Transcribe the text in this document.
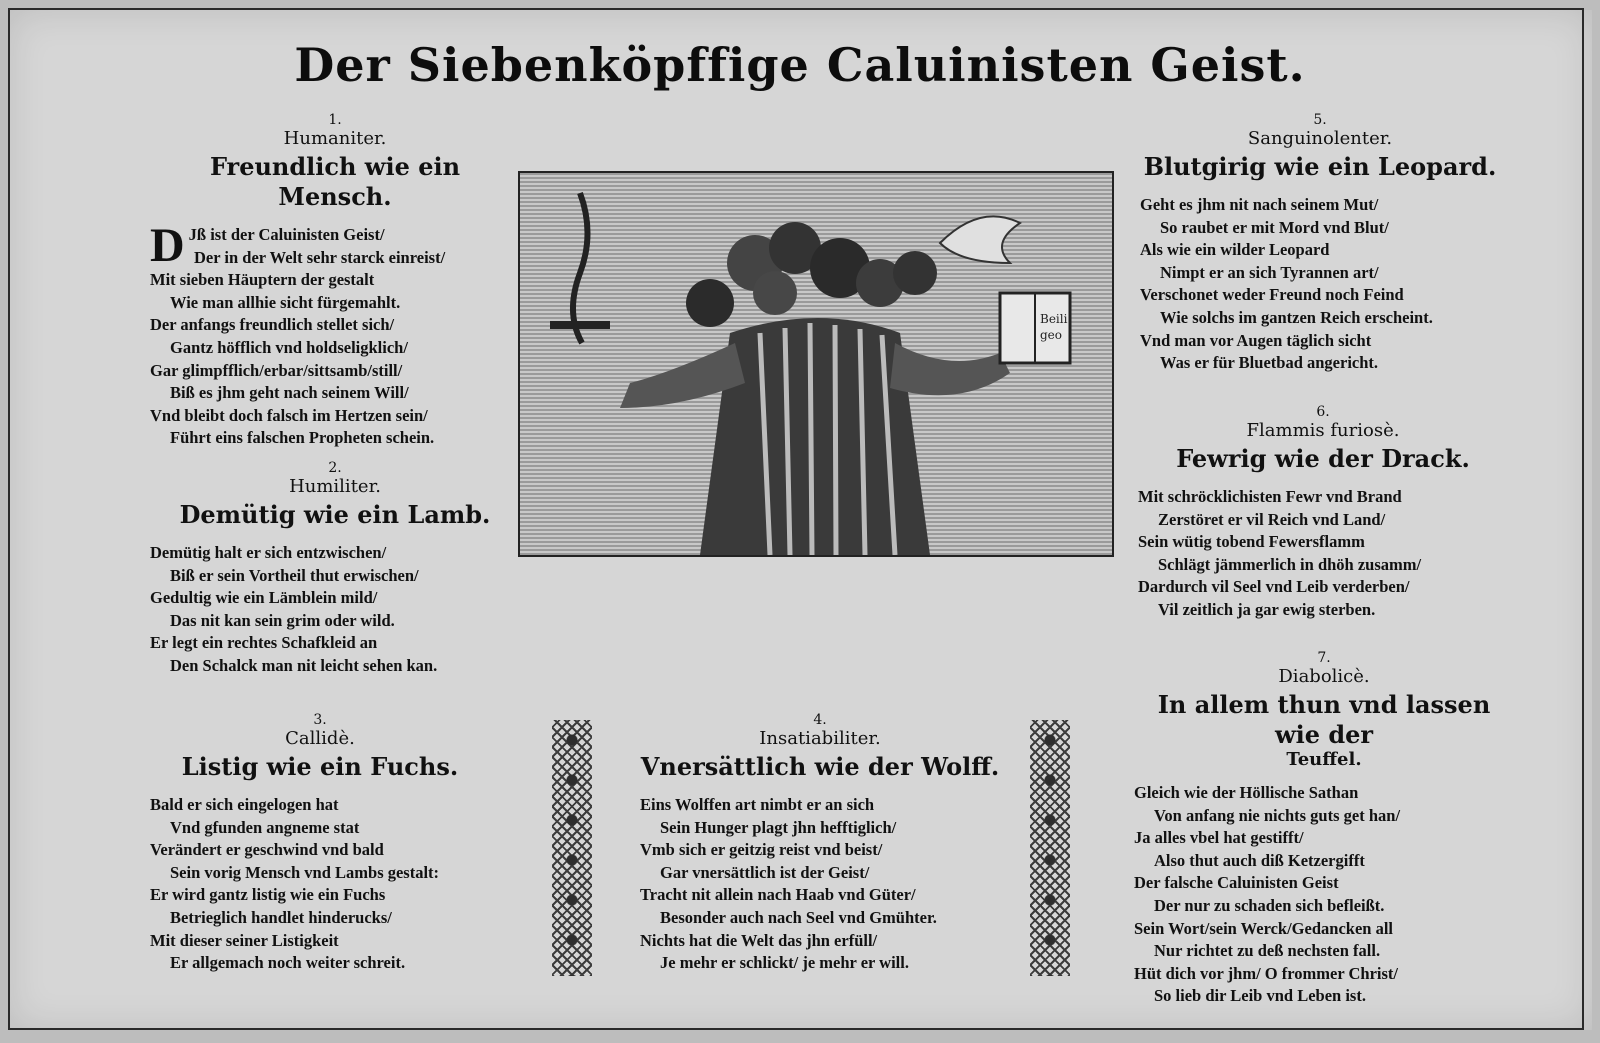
Der Siebenköpffige Caluinisten Geist.
1.
Humaniter.
Freundlich wie ein Mensch.
D Jß ist der Caluinisten Geist/
Der in der Welt sehr starck einreist/
Mit sieben Häuptern der gestalt
Wie man allhie sicht fürgemahlt.
Der anfangs freundlich stellet sich/
Gantz höfflich vnd holdseligklich/
Gar glimpfflich/erbar/sittsamb/still/
Biß es jhm geht nach seinem Will/
Vnd bleibt doch falsch im Hertzen sein/
Führt eins falschen Propheten schein.
2.
Humiliter.
Demütig wie ein Lamb.
Demütig halt er sich entzwischen/
Biß er sein Vortheil thut erwischen/
Gedultig wie ein Lämblein mild/
Das nit kan sein grim oder wild.
Er legt ein rechtes Schafkleid an
Den Schalck man nit leicht sehen kan.
3.
Callidè.
Listig wie ein Fuchs.
Bald er sich eingelogen hat
Vnd gfunden angneme stat
Verändert er geschwind vnd bald
Sein vorig Mensch vnd Lambs gestalt:
Er wird gantz listig wie ein Fuchs
Betrieglich handlet hinderucks/
Mit dieser seiner Listigkeit
Er allgemach noch weiter schreit.
4.
Insatiabiliter.
Vnersättlich wie der Wolff.
Eins Wolffen art nimbt er an sich
Sein Hunger plagt jhn hefftiglich/
Vmb sich er geitzig reist vnd beist/
Gar vnersättlich ist der Geist/
Tracht nit allein nach Haab vnd Güter/
Besonder auch nach Seel vnd Gmühter.
Nichts hat die Welt das jhn erfüll/
Je mehr er schlickt/ je mehr er will.
Beili
geo
5.
Sanguinolenter.
Blutgirig wie ein Leopard.
Geht es jhm nit nach seinem Mut/
So raubet er mit Mord vnd Blut/
Als wie ein wilder Leopard
Nimpt er an sich Tyrannen art/
Verschonet weder Freund noch Feind
Wie solchs im gantzen Reich erscheint.
Vnd man vor Augen täglich sicht
Was er für Bluetbad angericht.
6.
Flammis furiosè.
Fewrig wie der Drack.
Mit schröcklichisten Fewr vnd Brand
Zerstöret er vil Reich vnd Land/
Sein wütig tobend Fewersflamm
Schlägt jämmerlich in dhöh zusamm/
Dardurch vil Seel vnd Leib verderben/
Vil zeitlich ja gar ewig sterben.
7.
Diabolicè.
In allem thun vnd lassen wie der
Teuffel.
Gleich wie der Höllische Sathan
Von anfang nie nichts guts get han/
Ja alles vbel hat gestifft/
Also thut auch diß Ketzergifft
Der falsche Caluinisten Geist
Der nur zu schaden sich befleißt.
Sein Wort/sein Werck/Gedancken all
Nur richtet zu deß nechsten fall.
Hüt dich vor jhm/ O frommer Christ/
So lieb dir Leib vnd Leben ist.
